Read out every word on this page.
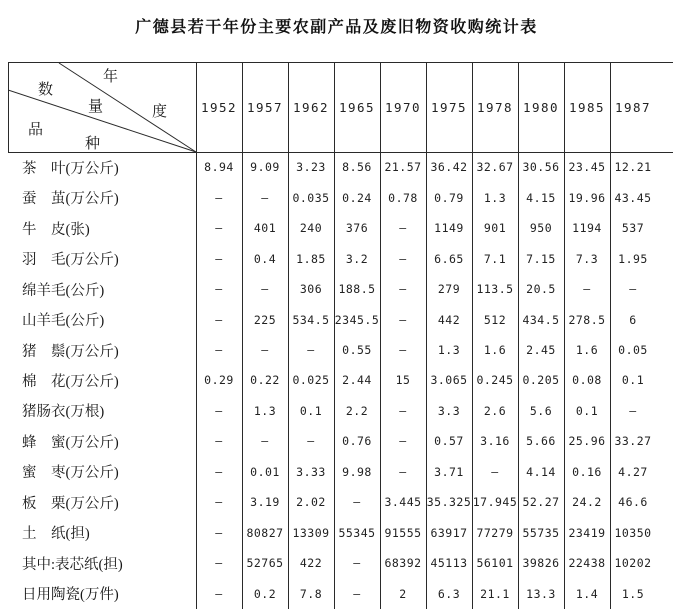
广德县若干年份主要农副产品及废旧物资收购统计表
年
度
数
量
品
种
1952 1957 1962 1965 1970 1975 1978 1980 1985 1987
茶　叶(万公斤)	8.94	9.09	3.23	8.56	21.57 36.42 32.67 30.56 23.45 12.21
蚕　茧(万公斤)	—	—	0.035	0.24	0.78	0.79	1.3	4.15	19.96 43.45
牛　皮(张)	—	401	240	376	—	1149	901	950	1194	537
羽　毛(万公斤)	—	0.4	1.85	3.2	—	6.65	7.1	7.15	7.3	1.95
绵羊毛(公斤)	—	—	306	188.5	—	279	113.5	20.5	—	—
山羊毛(公斤)	—	225	534.5 2345.5	—	442	512	434.5 278.5	6
猪　鬃(万公斤)	—	—	—	0.55	—	1.3	1.6	2.45	1.6	0.05
棉　花(万公斤)	0.29	0.22	0.025	2.44	15	3.065 0.245 0.205	0.08	0.1
猪肠衣(万根)	—	1.3	0.1	2.2	—	3.3	2.6	5.6	0.1	—
蜂　蜜(万公斤)	—	—	—	0.76	—	0.57	3.16	5.66	25.96 33.27
蜜　枣(万公斤)	—	0.01	3.33	9.98	—	3.71	—	4.14	0.16	4.27
板　栗(万公斤)	—	3.19	2.02	—	3.445 35.325 17.945 52.27	24.2	46.6
土　纸(担)	—	80827 13309 55345 91555 63917 77279 55735 23419 10350
其中:表芯纸(担)	—	52765	422	—	68392 45113 56101 39826 22438 10202
日用陶瓷(万件)	—	0.2	7.8	—	2	6.3	21.1	13.3	1.4	1.5
